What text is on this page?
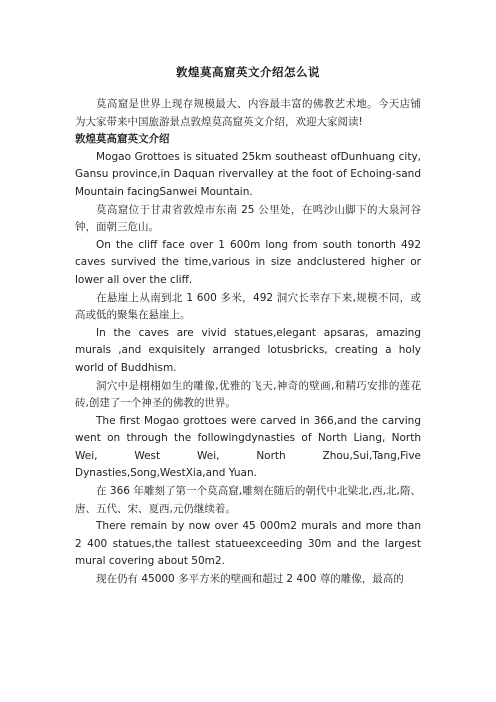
敦煌莫高窟英文介绍怎么说

莫高窟是世界上现存规模最大、内容最丰富的佛教艺术地。今天店铺为大家带来中国旅游景点敦煌莫高窟英文介绍，欢迎大家阅读!

敦煌莫高窟英文介绍

Mogao Grottoes is situated 25km southeast ofDunhuang city, Gansu province,in Daquan rivervalley at the foot of Echoing-sand Mountain facingSanwei Mountain.

莫高窟位于甘肃省敦煌市东南 25 公里处，在鸣沙山脚下的大泉河谷钟，面朝三危山。

On the cliff face over 1 600m long from south tonorth 492 caves survived the time,various in size andclustered higher or lower all over the cliff.

在悬崖上从南到北 1 600 多米，492 洞穴长幸存下来,规模不同，或高或低的聚集在悬崖上。

In the caves are vivid statues,elegant apsaras, amazing murals ,and exquisitely arranged lotusbricks, creating a holy world of Buddhism.

洞穴中是栩栩如生的雕像,优雅的飞天,神奇的壁画,和精巧安排的莲花砖,创建了一个神圣的佛教的世界。

The first Mogao grottoes were carved in 366,and the carving went on through the followingdynasties of North Liang, North Wei, West Wei, North Zhou,Sui,Tang,Five Dynasties,Song,WestXia,and Yuan.

在 366 年雕刻了第一个莫高窟,雕刻在随后的朝代中北梁北,西,北,隋、唐、五代、宋、夏西,元仍继续着。

There remain by now over 45 000m2 murals and more than 2 400 statues,the tallest statueexceeding 30m and the largest mural covering about 50m2.

现在仍有 45000 多平方米的壁画和超过 2 400 尊的雕像，最高的
